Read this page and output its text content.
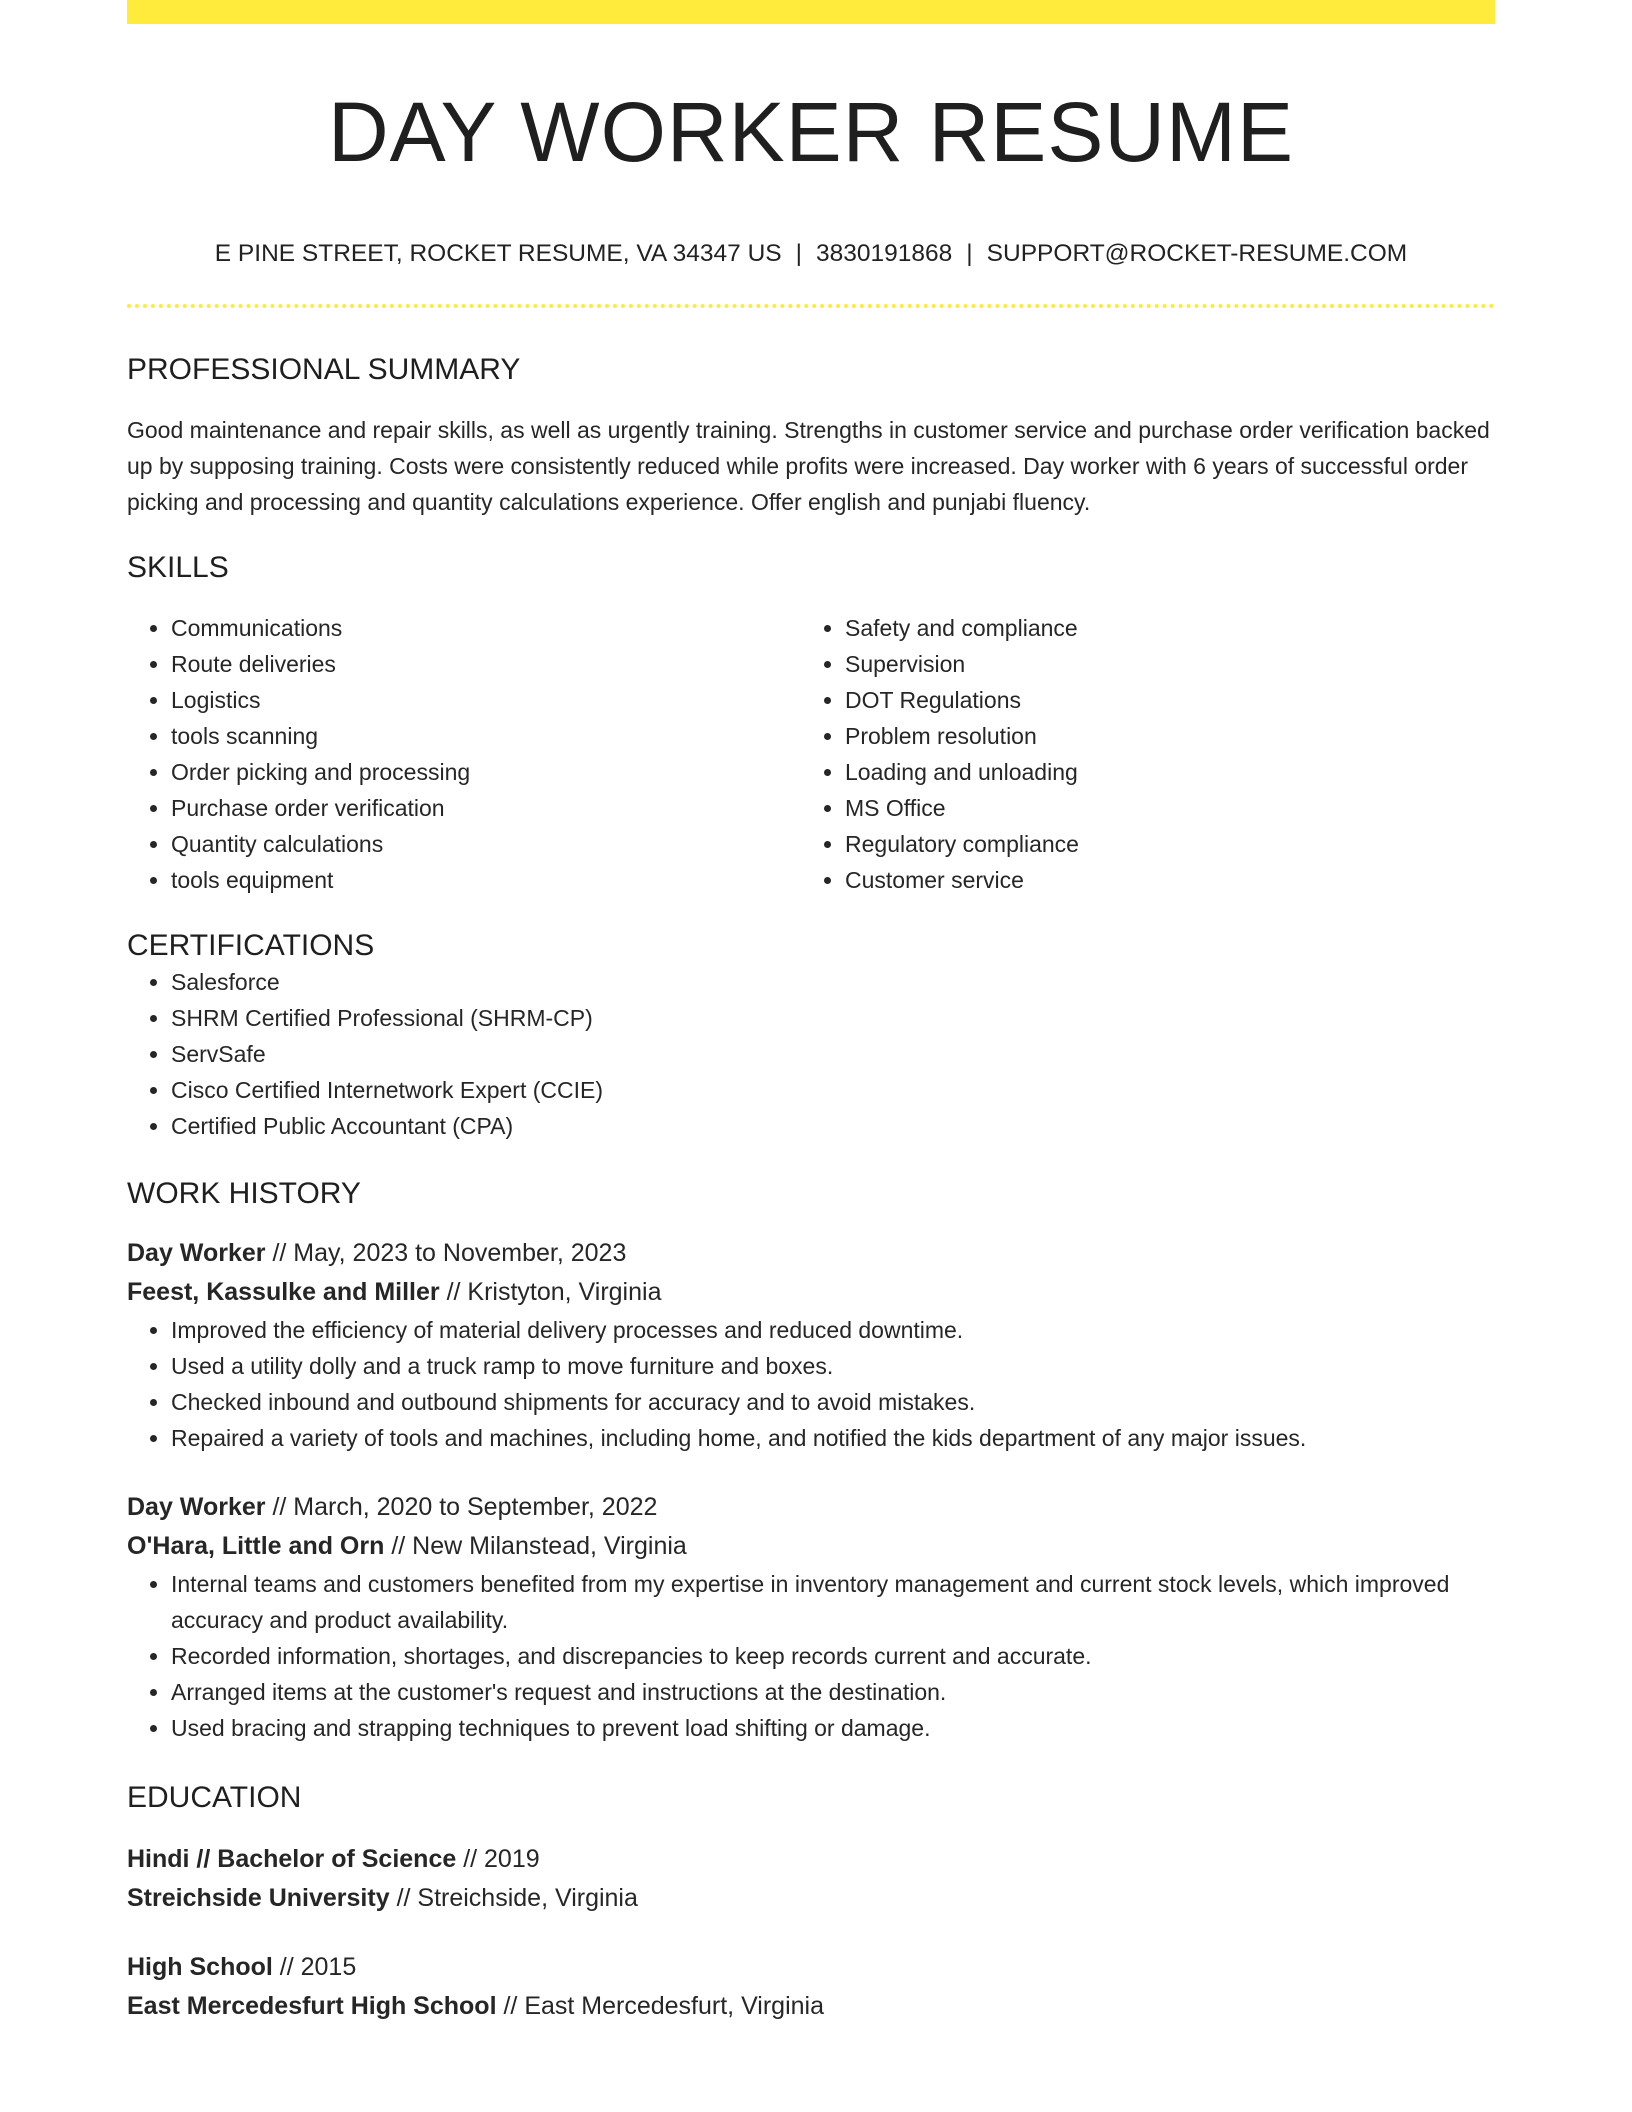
DAY WORKER RESUME
E PINE STREET, ROCKET RESUME, VA 34347 US | 3830191868 | SUPPORT@ROCKET-RESUME.COM
PROFESSIONAL SUMMARY

Good maintenance and repair skills, as well as urgently training. Strengths in customer service and purchase order verification backed up by supposing training. Costs were consistently reduced while profits were increased. Day worker with 6 years of successful order picking and processing and quantity calculations experience. Offer english and punjabi fluency.

SKILLS
• Communications
• Route deliveries
• Logistics
• tools scanning
• Order picking and processing
• Purchase order verification
• Quantity calculations
• tools equipment
• Safety and compliance
• Supervision
• DOT Regulations
• Problem resolution
• Loading and unloading
• MS Office
• Regulatory compliance
• Customer service
CERTIFICATIONS
• Salesforce
• SHRM Certified Professional (SHRM-CP)
• ServSafe
• Cisco Certified Internetwork Expert (CCIE)
• Certified Public Accountant (CPA)
WORK HISTORY
Day Worker // May, 2023 to November, 2023
Feest, Kassulke and Miller // Kristyton, Virginia
• Improved the efficiency of material delivery processes and reduced downtime.
• Used a utility dolly and a truck ramp to move furniture and boxes.
• Checked inbound and outbound shipments for accuracy and to avoid mistakes.
• Repaired a variety of tools and machines, including home, and notified the kids department of any major issues.
Day Worker // March, 2020 to September, 2022
O'Hara, Little and Orn // New Milanstead, Virginia
• Internal teams and customers benefited from my expertise in inventory management and current stock levels, which improved accuracy and product availability.
• Recorded information, shortages, and discrepancies to keep records current and accurate.
• Arranged items at the customer's request and instructions at the destination.
• Used bracing and strapping techniques to prevent load shifting or damage.
EDUCATION
Hindi // Bachelor of Science // 2019
Streichside University // Streichside, Virginia
High School // 2015
East Mercedesfurt High School // East Mercedesfurt, Virginia
